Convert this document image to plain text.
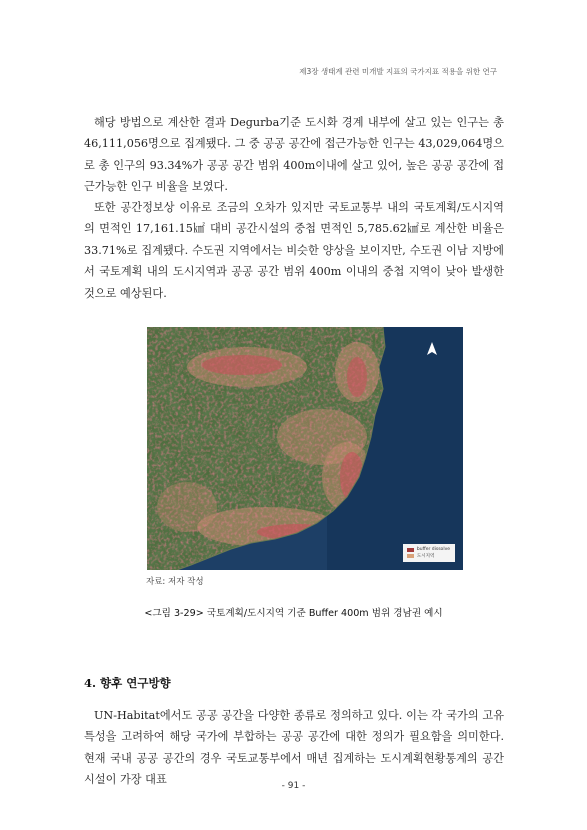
제3장 생태계 관련 미개발 지표의 국가지표 적용을 위한 연구

해당 방법으로 계산한 결과 Degurba기준 도시화 경계 내부에 살고 있는 인구는 총 46,111,056명으로 집계됐다. 그 중 공공 공간에 접근가능한 인구는 43,029,064명으로 총 인구의 93.34%가 공공 공간 범위 400m이내에 살고 있어, 높은 공공 공간에 접근가능한 인구 비율을 보였다.

또한 공간정보상 이유로 조금의 오차가 있지만 국토교통부 내의 국토계획/도시지역의 면적인 17,161.15㎢ 대비 공간시설의 중첩 면적인 5,785.62㎢로 계산한 비율은 33.71%로 집계됐다. 수도권 지역에서는 비슷한 양상을 보이지만, 수도권 이남 지방에서 국토계획 내의 도시지역과 공공 공간 범위 400m 이내의 중첩 지역이 낮아 발생한 것으로 예상된다.

buffer dissolve
도시지역
자료: 저자 작성
<그림 3-29> 국토계획/도시지역 기준 Buffer 400m 범위 경남권 예시
4. 향후 연구방향

UN-Habitat에서도 공공 공간을 다양한 종류로 정의하고 있다. 이는 각 국가의 고유 특성을 고려하여 해당 국가에 부합하는 공공 공간에 대한 정의가 필요함을 의미한다. 현재 국내 공공 공간의 경우 국토교통부에서 매년 집계하는 도시계획현황통계의 공간시설이 가장 대표	- 91 -
